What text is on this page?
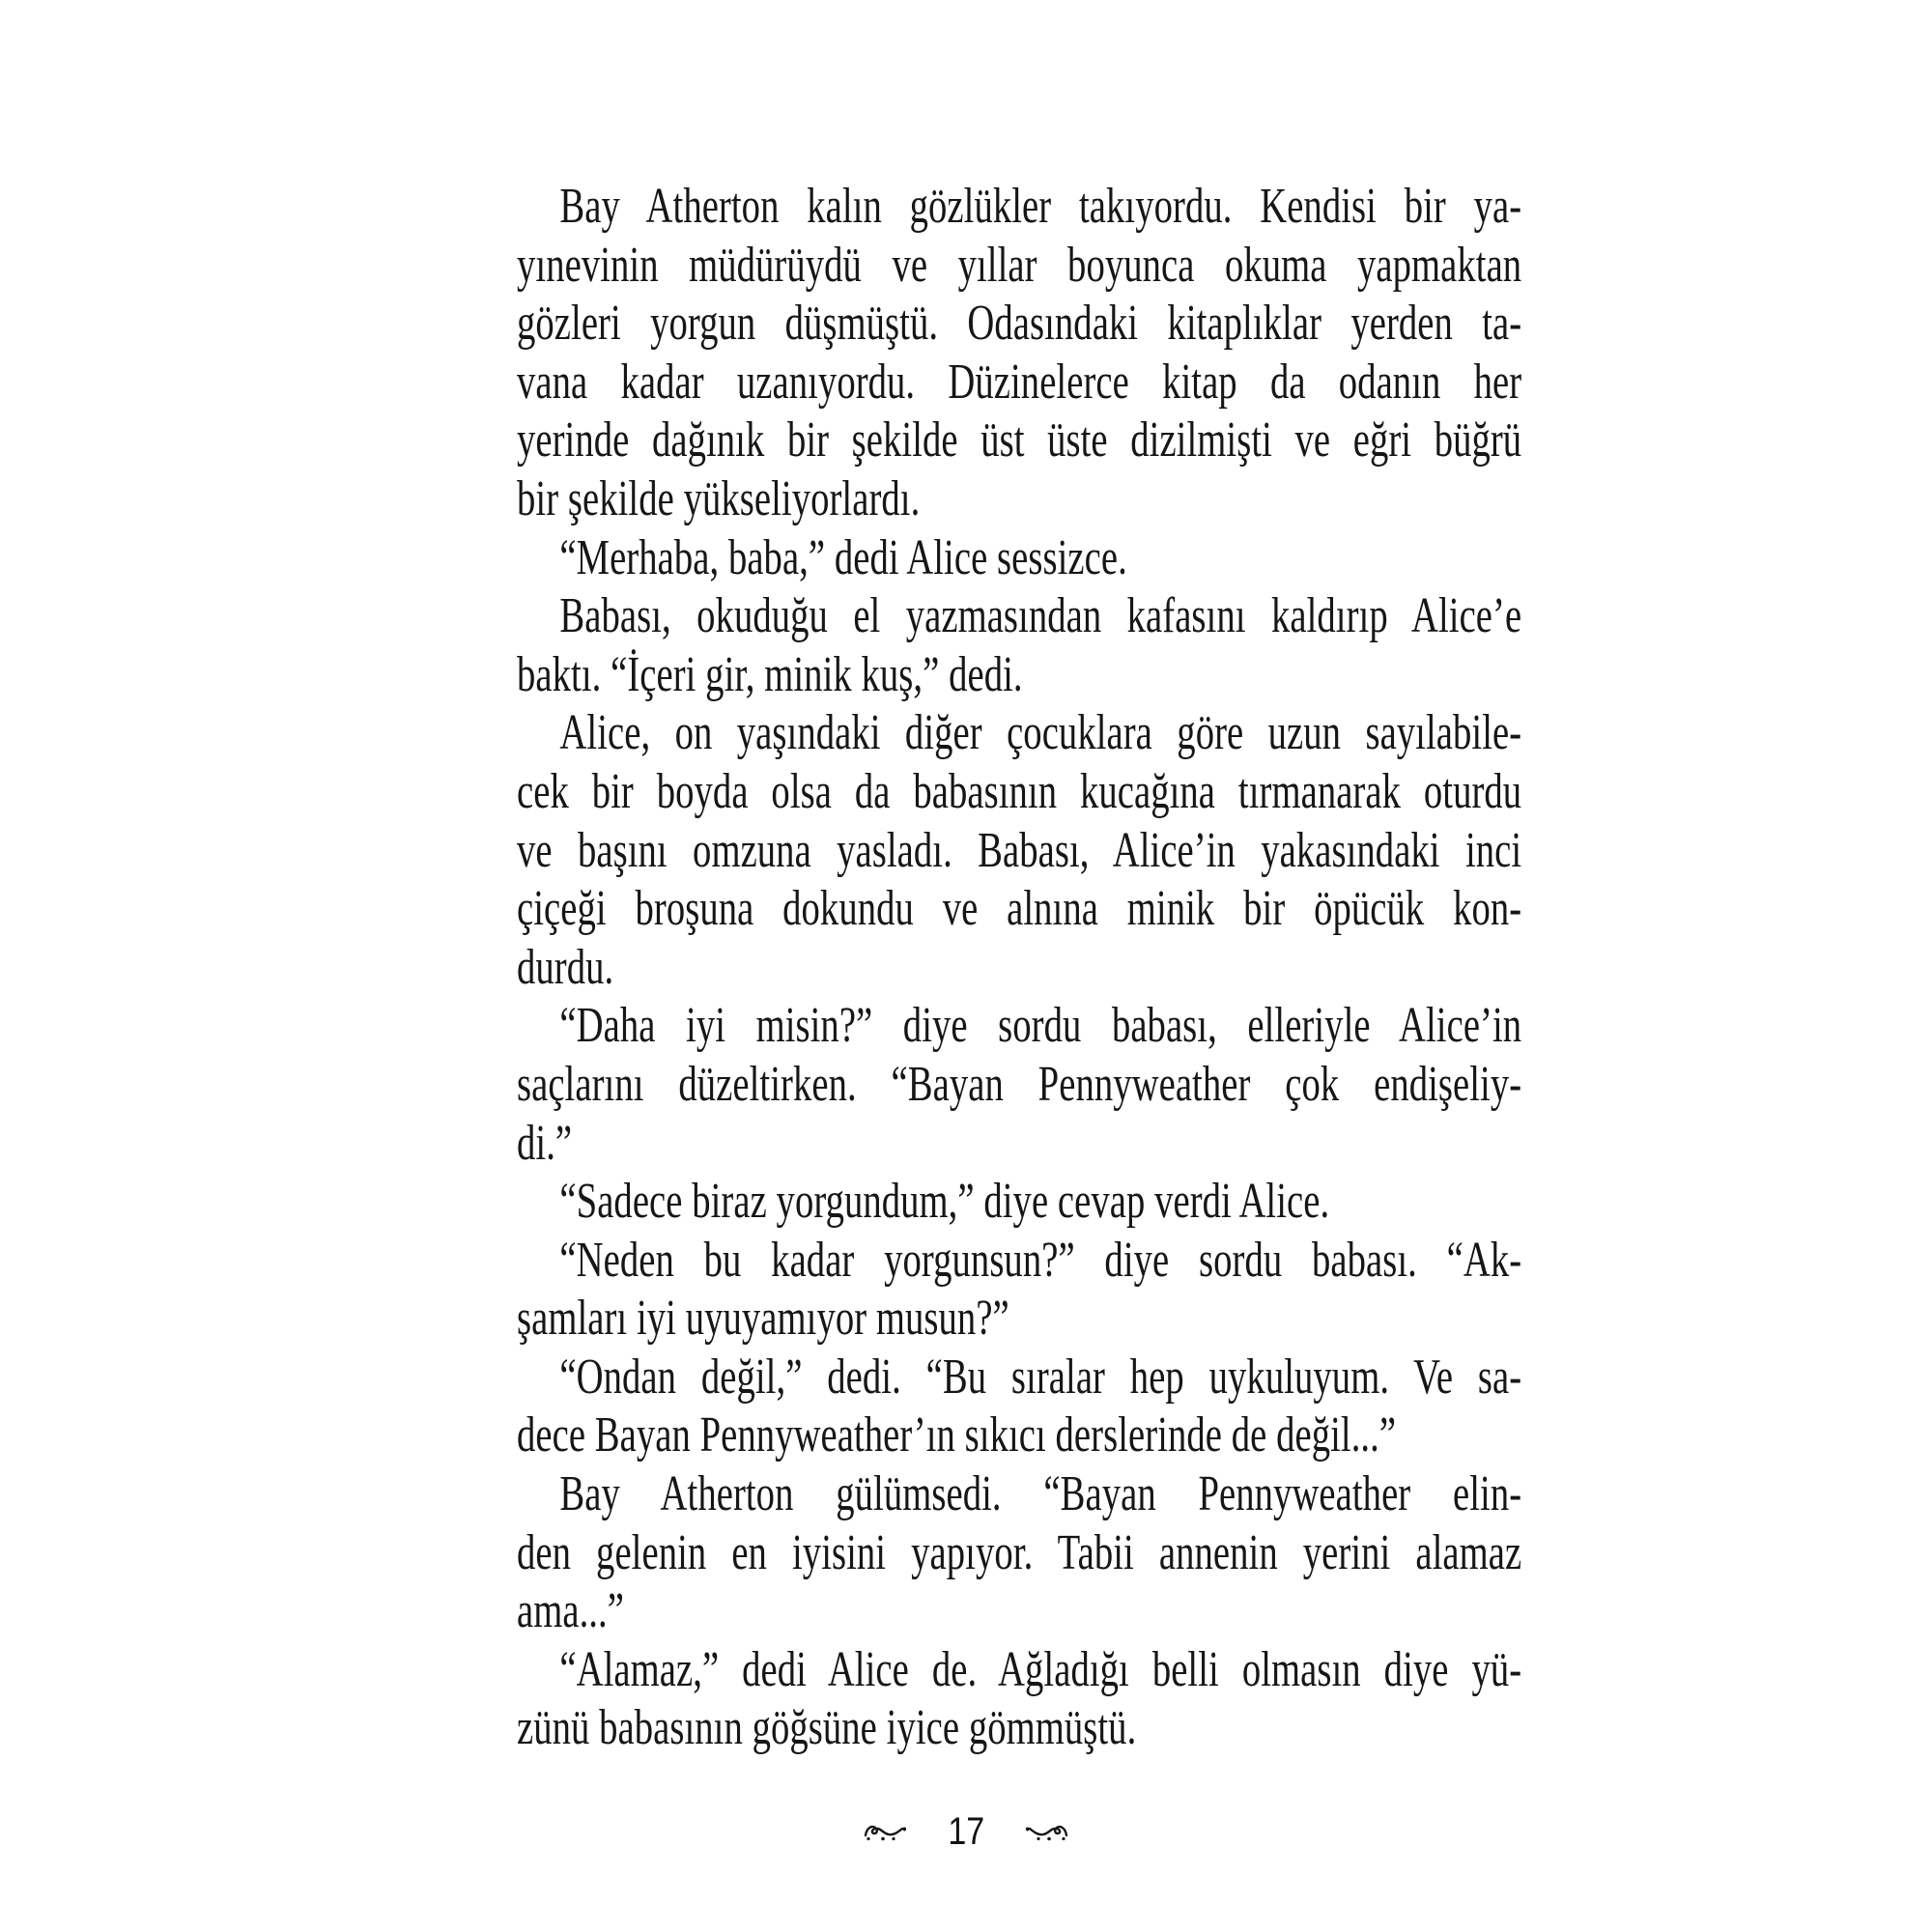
Bay Atherton kalın gözlükler takıyordu. Kendisi bir ya-
yınevinin müdürüydü ve yıllar boyunca okuma yapmaktan
gözleri yorgun düşmüştü. Odasındaki kitaplıklar yerden ta-
vana kadar uzanıyordu. Düzinelerce kitap da odanın her
yerinde dağınık bir şekilde üst üste dizilmişti ve eğri büğrü
bir şekilde yükseliyorlardı.
“Merhaba, baba,” dedi Alice sessizce.
Babası, okuduğu el yazmasından kafasını kaldırıp Alice’e
baktı. “İçeri gir, minik kuş,” dedi.
Alice, on yaşındaki diğer çocuklara göre uzun sayılabile-
cek bir boyda olsa da babasının kucağına tırmanarak oturdu
ve başını omzuna yasladı. Babası, Alice’in yakasındaki inci
çiçeği broşuna dokundu ve alnına minik bir öpücük kon-
durdu.
“Daha iyi misin?” diye sordu babası, elleriyle Alice’in
saçlarını düzeltirken. “Bayan Pennyweather çok endişeliy-
di.”
“Sadece biraz yorgundum,” diye cevap verdi Alice.
“Neden bu kadar yorgunsun?” diye sordu babası. “Ak-
şamları iyi uyuyamıyor musun?”
“Ondan değil,” dedi. “Bu sıralar hep uykuluyum. Ve sa-
dece Bayan Pennyweather’ın sıkıcı derslerinde de değil...”
Bay Atherton gülümsedi. “Bayan Pennyweather elin-
den gelenin en iyisini yapıyor. Tabii annenin yerini alamaz
ama...”
“Alamaz,” dedi Alice de. Ağladığı belli olmasın diye yü-
zünü babasının göğsüne iyice gömmüştü.
17
